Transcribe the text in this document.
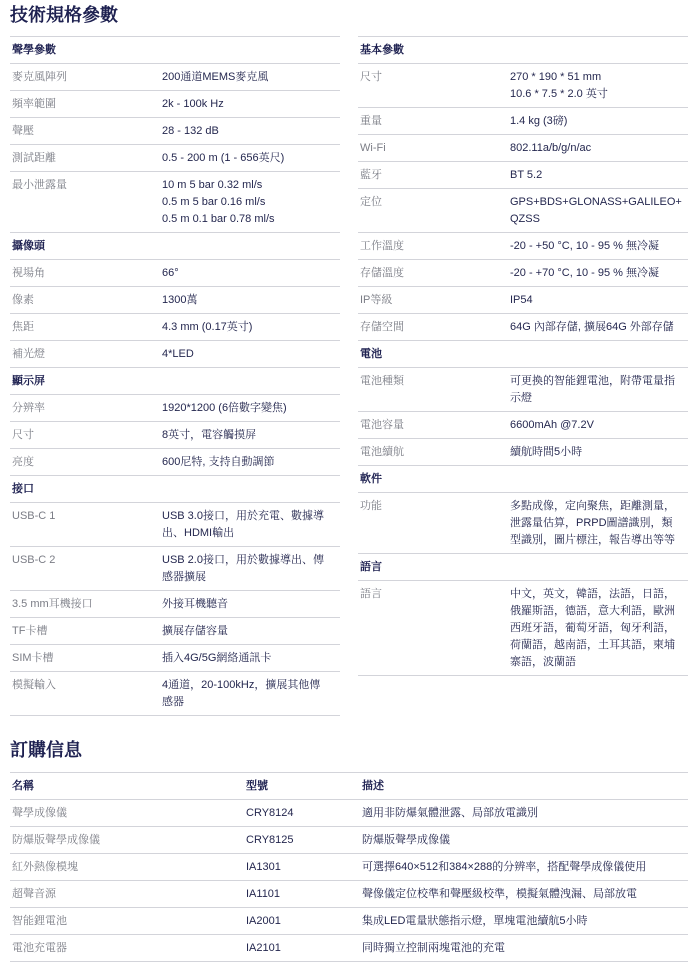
技術規格參數
聲學參數
麥克風陣列	200通道MEMS麥克風
頻率範圍	2k - 100k Hz
聲壓	28 - 132 dB
測試距離	0.5 - 200 m (1 - 656英尺)
最小泄露量	10 m 5 bar 0.32 ml/s
0.5 m 5 bar 0.16 ml/s
0.5 m 0.1 bar 0.78 ml/s
攝像頭
視場角	66°
像素	1300萬
焦距	4.3 mm (0.17英寸)
補光燈	4*LED
顯示屏
分辨率	1920*1200 (6倍數字變焦)
尺寸	8英寸，電容觸摸屏
亮度	600尼特, 支持自動調節
接口
USB-C 1	USB 3.0接口，用於充電、數據導
出、HDMI輸出
USB-C 2	USB 2.0接口，用於數據導出、傳
感器擴展
3.5 mm耳機接口	外接耳機聽音
TF卡槽	擴展存儲容量
SIM卡槽	插入4G/5G網絡通訊卡
模擬輸入	4通道，20-100kHz，擴展其他傳
感器
基本參數
尺寸	270 * 190 * 51 mm
10.6 * 7.5 * 2.0 英寸
重量	1.4 kg (3磅)
Wi-Fi	802.11a/b/g/n/ac
藍牙	BT 5.2
定位	GPS+BDS+GLONASS+GALILEO+
QZSS
工作溫度	-20 - +50 °C, 10 - 95 % 無冷凝
存儲溫度	-20 - +70 °C, 10 - 95 % 無冷凝
IP等級	IP54
存儲空間	64G 內部存儲, 擴展64G 外部存儲
電池
電池種類	可更換的智能鋰電池，附帶電量指
示燈
電池容量	6600mAh @7.2V
電池續航	續航時間5小時
軟件
功能	多點成像，定向聚焦，距離測量，
泄露量估算，PRPD圖譜識別，類
型識別，圖片標注，報告導出等等
語言
語言	中文，英文，韓語，法語，日語，
俄羅斯語，德語，意大利語，歐洲
西班牙語，葡萄牙語，匈牙利語，
荷蘭語，越南語，土耳其語，柬埔
寨語，波蘭語
訂購信息
名稱	型號	描述
聲學成像儀	CRY8124	適用非防爆氣體泄露、局部放電識別
防爆版聲學成像儀	CRY8125	防爆版聲學成像儀
紅外熱像模塊	IA1301	可選擇640×512和384×288的分辨率，搭配聲學成像儀使用
超聲音源	IA1101	聲像儀定位校準和聲壓級校準，模擬氣體洩漏、局部放電
智能鋰電池	IA2001	集成LED電量狀態指示燈，單塊電池續航5小時
電池充電器	IA2101	同時獨立控制兩塊電池的充電
